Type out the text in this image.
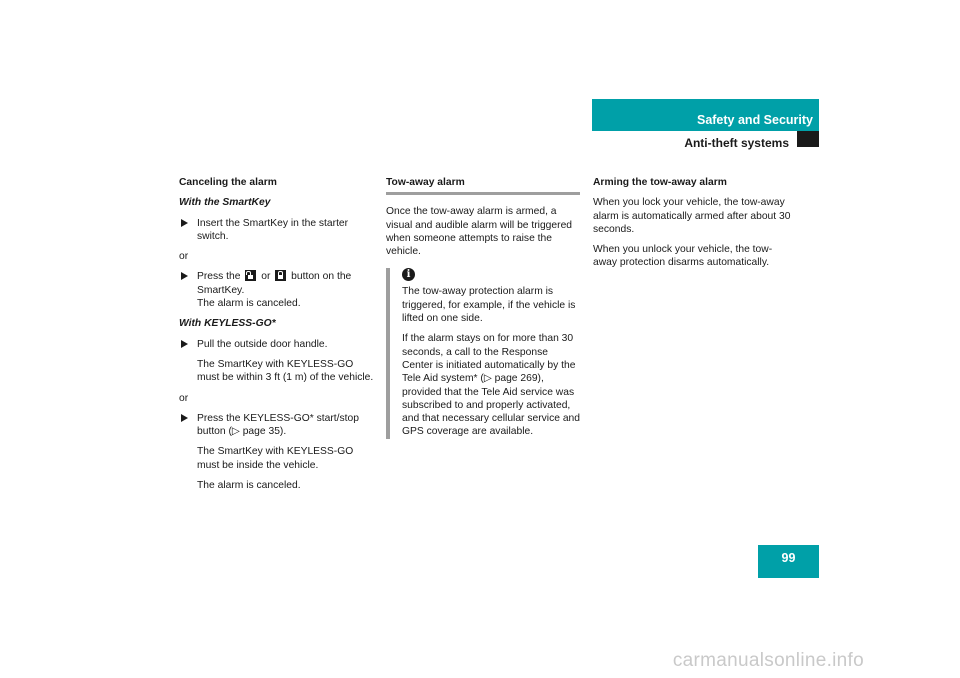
Safety and Security
Anti-theft systems

Canceling the alarm

With the SmartKey

Insert the SmartKey in the starter switch.

or

Press the or button on the SmartKey.

The alarm is canceled.

With KEYLESS-GO*

Pull the outside door handle.

The SmartKey with KEYLESS-GO must be within 3 ft (1 m) of the vehicle.

or

Press the KEYLESS-GO* start/stop button (▷ page 35).

The SmartKey with KEYLESS-GO must be inside the vehicle.

The alarm is canceled.

Tow-away alarm

Once the tow-away alarm is armed, a visual and audible alarm will be triggered when someone attempts to raise the vehicle.

i

The tow-away protection alarm is triggered, for example, if the vehicle is lifted on one side.

If the alarm stays on for more than 30 seconds, a call to the Response Center is initiated automatically by the Tele Aid system* (▷ page 269), provided that the Tele Aid service was subscribed to and properly activated, and that necessary cellular service and GPS coverage are available.

Arming the tow-away alarm

When you lock your vehicle, the tow-away alarm is automatically armed after about 30 seconds.

When you unlock your vehicle, the tow-away protection disarms automatically.

99
carmanualsonline.info
